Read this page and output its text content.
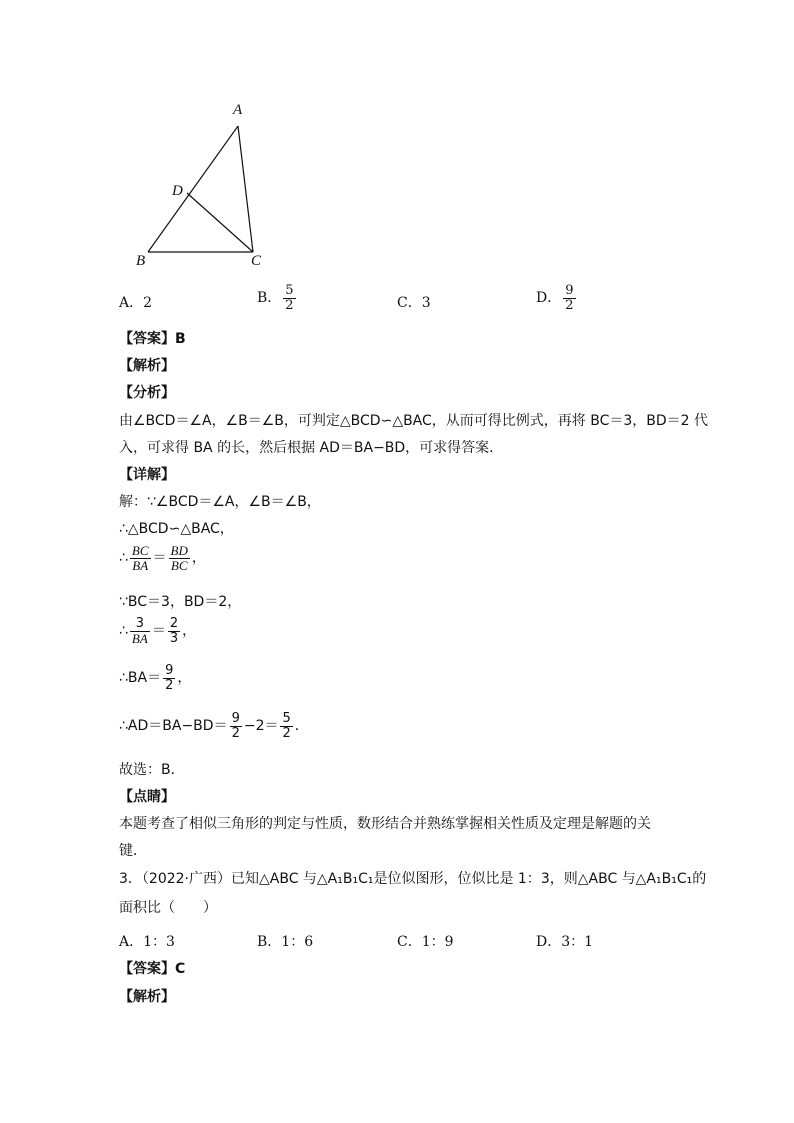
A
D
B	C
A．2	B． $\frac{5}{2}$	C．3	D． $\frac{9}{2}$
【答案】B
【解析】
【分析】
由∠BCD＝∠A，∠B＝∠B，可判定△BCD∽△BAC，从而可得比例式，再将 BC＝3，BD＝2 代
入，可求得 BA 的长，然后根据 AD＝BA−BD，可求得答案．
【详解】
解：∵∠BCD＝∠A，∠B＝∠B，
∴△BCD∽△BAC，
∴ $\frac{BC}{BA} = \frac{BD}{BC}$ ，
∵BC＝3，BD＝2，
∴ $\frac{3}{BA} = \frac{2}{3}$ ，
∴BA＝ $\frac{9}{2}$ ，
∴AD＝BA−BD＝ $\frac{9}{2} -2= \frac{5}{2}$ ．
故选：B．
【点睛】
本题考查了相似三角形的判定与性质，数形结合并熟练掌握相关性质及定理是解题的关
键．
3．（2022·广西）已知△ABC 与△A₁B₁C₁是位似图形，位似比是 1：3，则△ABC 与△A₁B₁C₁的
面积比（　　）
A．1：3	B．1：6	C．1：9	D．3：1
【答案】C
【解析】
